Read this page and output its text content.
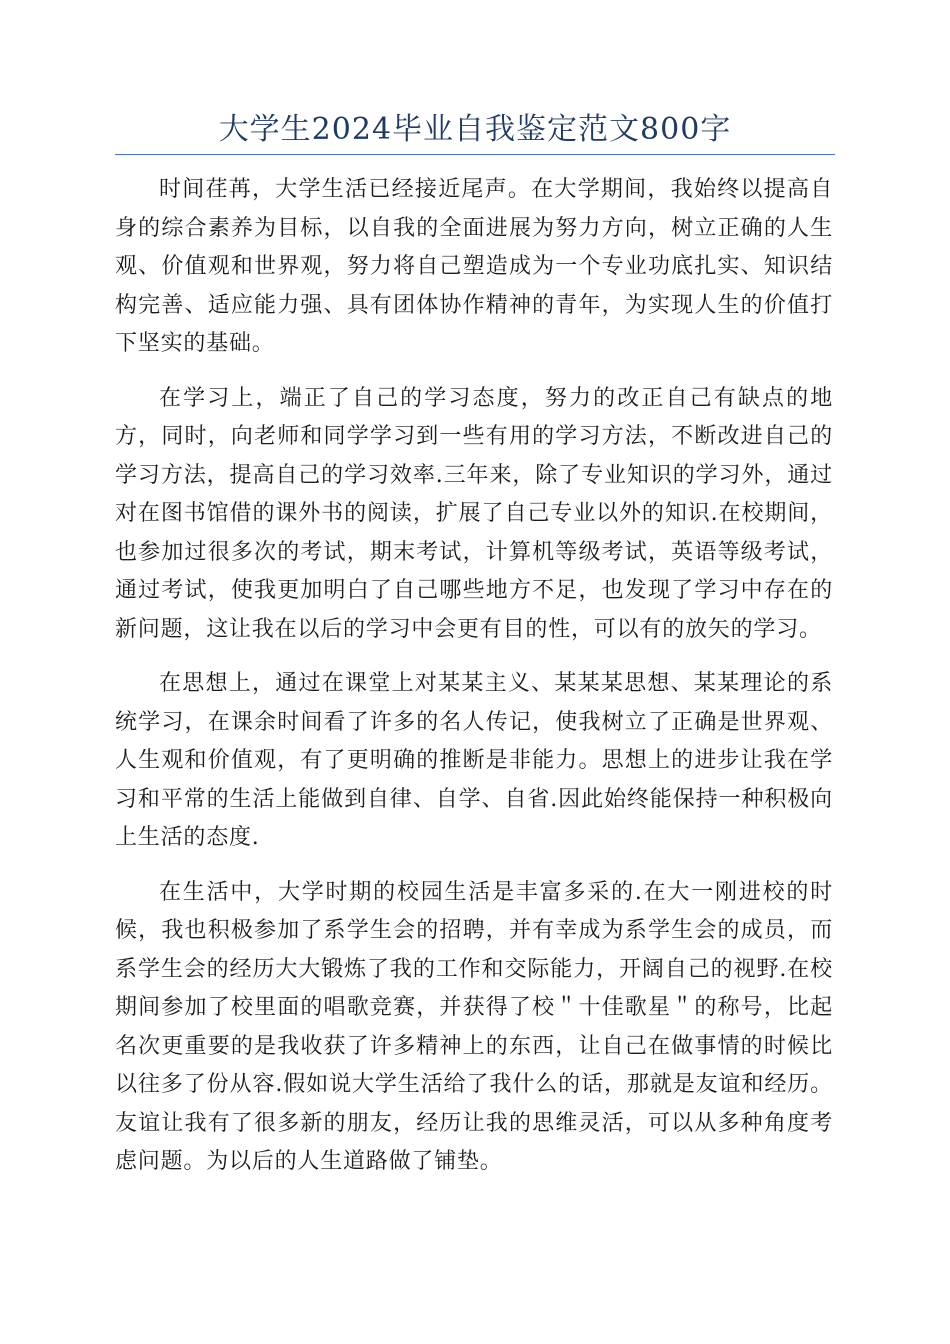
大学生2024毕业自我鉴定范文800字

时间荏苒，大学生活已经接近尾声。在大学期间，我始终以提高自身的综合素养为目标，以自我的全面进展为努力方向，树立正确的人生观、价值观和世界观，努力将自己塑造成为一个专业功底扎实、知识结构完善、适应能力强、具有团体协作精神的青年，为实现人生的价值打下坚实的基础。

在学习上，端正了自己的学习态度，努力的改正自己有缺点的地方，同时，向老师和同学学习到一些有用的学习方法，不断改进自己的学习方法，提高自己的学习效率.三年来，除了专业知识的学习外，通过对在图书馆借的课外书的阅读，扩展了自己专业以外的知识.在校期间，也参加过很多次的考试，期末考试，计算机等级考试，英语等级考试，通过考试，使我更加明白了自己哪些地方不足，也发现了学习中存在的新问题，这让我在以后的学习中会更有目的性，可以有的放矢的学习。

在思想上，通过在课堂上对某某主义、某某某思想、某某理论的系统学习，在课余时间看了许多的名人传记，使我树立了正确是世界观、人生观和价值观，有了更明确的推断是非能力。思想上的进步让我在学习和平常的生活上能做到自律、自学、自省.因此始终能保持一种积极向上生活的态度.

在生活中，大学时期的校园生活是丰富多采的.在大一刚进校的时候，我也积极参加了系学生会的招聘，并有幸成为系学生会的成员，而系学生会的经历大大锻炼了我的工作和交际能力，开阔自己的视野.在校期间参加了校里面的唱歌竞赛，并获得了校＂十佳歌星＂的称号，比起名次更重要的是我收获了许多精神上的东西，让自己在做事情的时候比以往多了份从容.假如说大学生活给了我什么的话，那就是友谊和经历。友谊让我有了很多新的朋友，经历让我的思维灵活，可以从多种角度考虑问题。为以后的人生道路做了铺垫。
